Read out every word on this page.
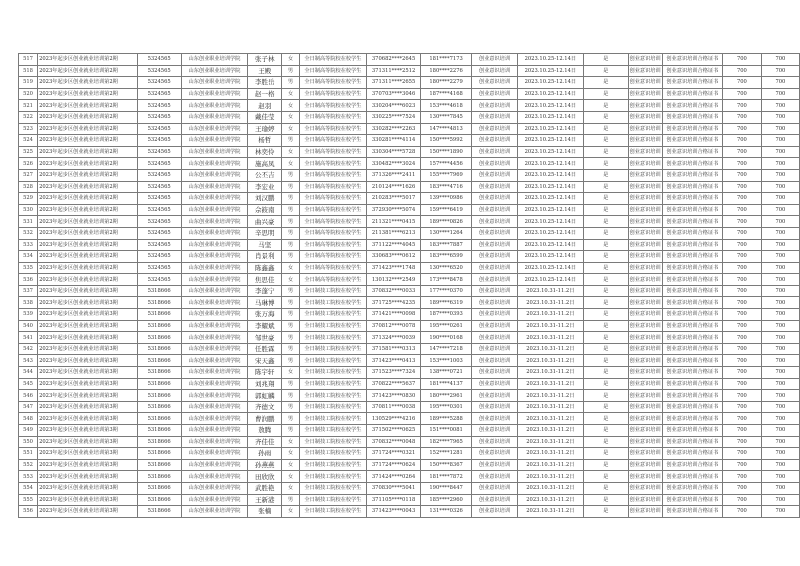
517	2023年起步区创业就业培训第2期	5324565	山东创业职业培训学院	张子林	女	全日制高等院校在校学生	370682****2645	181****7173	创业意识培训	2023.10.25-12.14日	是	创业意识培训	创业意识培训合格证书	700	700
518	2023年起步区创业就业培训第2期	5324565	山东创业职业培训学院	王殿	男	全日制高等院校在校学生	371311****2512	180****2276	创业意识培训	2023.10.25-12.14日	是	创业意识培训	创业意识培训合格证书	700	700
519	2023年起步区创业就业培训第2期	5324565	山东创业职业培训学院	李胜岳	男	全日制高等院校在校学生	371311****2655	180****2279	创业意识培训	2023.10.25-12.14日	是	创业意识培训	创业意识培训合格证书	700	700
520	2023年起步区创业就业培训第2期	5324565	山东创业职业培训学院	赵一格	女	全日制高等院校在校学生	370703****3046	187****4168	创业意识培训	2023.10.25-12.14日	是	创业意识培训	创业意识培训合格证书	700	700
521	2023年起步区创业就业培训第2期	5324565	山东创业职业培训学院	赵羽	女	全日制高等院校在校学生	330204****6023	153****4618	创业意识培训	2023.10.25-12.14日	是	创业意识培训	创业意识培训合格证书	700	700
522	2023年起步区创业就业培训第2期	5324565	山东创业职业培训学院	戴佳莹	女	全日制高等院校在校学生	330225****7524	130****7845	创业意识培训	2023.10.25-12.14日	是	创业意识培训	创业意识培训合格证书	700	700
523	2023年起步区创业就业培训第2期	5324565	山东创业职业培训学院	王瑜婷	女	全日制高等院校在校学生	330282****2263	147****4813	创业意识培训	2023.10.25-12.14日	是	创业意识培训	创业意识培训合格证书	700	700
524	2023年起步区创业就业培训第2期	5324565	山东创业职业培训学院	杨哲	男	全日制高等院校在校学生	330281****4114	150****5992	创业意识培训	2023.10.25-12.14日	是	创业意识培训	创业意识培训合格证书	700	700
525	2023年起步区创业就业培训第2期	5324565	山东创业职业培训学院	林奕伶	女	全日制高等院校在校学生	330304****5728	150****1890	创业意识培训	2023.10.25-12.14日	是	创业意识培训	创业意识培训合格证书	700	700
526	2023年起步区创业就业培训第2期	5324565	山东创业职业培训学院	施高凤	女	全日制高等院校在校学生	330482****3024	157****4456	创业意识培训	2023.10.25-12.14日	是	创业意识培训	创业意识培训合格证书	700	700
527	2023年起步区创业就业培训第2期	5324565	山东创业职业培训学院	公丕吉	男	全日制高等院校在校学生	371326****2411	155****7969	创业意识培训	2023.10.25-12.14日	是	创业意识培训	创业意识培训合格证书	700	700
528	2023年起步区创业就业培训第2期	5324565	山东创业职业培训学院	李宏业	男	全日制高等院校在校学生	210124****1626	183****4716	创业意识培训	2023.10.25-12.14日	是	创业意识培训	创业意识培训合格证书	700	700
529	2023年起步区创业就业培训第2期	5324565	山东创业职业培训学院	刘汉鹏	男	全日制高等院校在校学生	210283****5017	139****0986	创业意识培训	2023.10.25-12.14日	是	创业意识培训	创业意识培训合格证书	700	700
530	2023年起步区创业就业培训第2期	5324565	山东创业职业培训学院	佘筱南	男	全日制高等院校在校学生	372930****5074	159****6419	创业意识培训	2023.10.25-12.14日	是	创业意识培训	创业意识培训合格证书	700	700
531	2023年起步区创业就业培训第2期	5324565	山东创业职业培训学院	曲兴豪	男	全日制高等院校在校学生	211321****0415	189****0826	创业意识培训	2023.10.25-12.14日	是	创业意识培训	创业意识培训合格证书	700	700
532	2023年起步区创业就业培训第2期	5324565	山东创业职业培训学院	辛思明	男	全日制高等院校在校学生	211381****6213	130****1264	创业意识培训	2023.10.25-12.14日	是	创业意识培训	创业意识培训合格证书	700	700
533	2023年起步区创业就业培训第2期	5324565	山东创业职业培训学院	马坚	男	全日制高等院校在校学生	371122****4045	183****7887	创业意识培训	2023.10.25-12.14日	是	创业意识培训	创业意识培训合格证书	700	700
534	2023年起步区创业就业培训第2期	5324565	山东创业职业培训学院	肖景利	男	全日制高等院校在校学生	330683****0612	183****6599	创业意识培训	2023.10.25-12.14日	是	创业意识培训	创业意识培训合格证书	700	700
535	2023年起步区创业就业培训第2期	5324565	山东创业职业培训学院	陈鑫鑫	女	全日制高等院校在校学生	371423****1748	130****6520	创业意识培训	2023.10.25-12.14日	是	创业意识培训	创业意识培训合格证书	700	700
536	2023年起步区创业就业培训第2期	5324565	山东创业职业培训学院	焦思佳	女	全日制高等院校在校学生	130132****2549	173****8478	创业意识培训	2023.10.25-12.14日	是	创业意识培训	创业意识培训合格证书	700	700
537	2023年起步区创业就业培训第3期	5318666	山东创业职业培训学院	李蓬宁	男	全日制技工院校在校学生	370832****0033	177****0370	创业意识培训	2023.10.31-11.2日	是	创业意识培训	创业意识培训合格证书	700	700
538	2023年起步区创业就业培训第3期	5318666	山东创业职业培训学院	马琳博	男	全日制技工院校在校学生	371725****4235	189****6319	创业意识培训	2023.10.31-11.2日	是	创业意识培训	创业意识培训合格证书	700	700
539	2023年起步区创业就业培训第3期	5318666	山东创业职业培训学院	张万海	男	全日制技工院校在校学生	371421****0098	187****0393	创业意识培训	2023.10.31-11.2日	是	创业意识培训	创业意识培训合格证书	700	700
540	2023年起步区创业就业培训第3期	5318666	山东创业职业培训学院	李耀斌	男	全日制技工院校在校学生	370812****0078	195****0261	创业意识培训	2023.10.31-11.2日	是	创业意识培训	创业意识培训合格证书	700	700
541	2023年起步区创业就业培训第3期	5318666	山东创业职业培训学院	邹世豪	男	全日制技工院校在校学生	371324****0039	190****0168	创业意识培训	2023.10.31-11.2日	是	创业意识培训	创业意识培训合格证书	700	700
542	2023年起步区创业就业培训第3期	5318666	山东创业职业培训学院	任胜霖	男	全日制技工院校在校学生	371581****0313	147****7218	创业意识培训	2023.10.31-11.2日	是	创业意识培训	创业意识培训合格证书	700	700
543	2023年起步区创业就业培训第3期	5318666	山东创业职业培训学院	宋天鑫	男	全日制技工院校在校学生	371423****0413	153****1003	创业意识培训	2023.10.31-11.2日	是	创业意识培训	创业意识培训合格证书	700	700
544	2023年起步区创业就业培训第3期	5318666	山东创业职业培训学院	陈宇轩	女	全日制技工院校在校学生	371523****7324	138****0721	创业意识培训	2023.10.31-11.2日	是	创业意识培训	创业意识培训合格证书	700	700
545	2023年起步区创业就业培训第3期	5318666	山东创业职业培训学院	刘兆翔	男	全日制技工院校在校学生	370822****5637	181****4137	创业意识培训	2023.10.31-11.2日	是	创业意识培训	创业意识培训合格证书	700	700
546	2023年起步区创业就业培训第3期	5318666	山东创业职业培训学院	郭虹麟	男	全日制技工院校在校学生	371423****0830	180****2961	创业意识培训	2023.10.31-11.2日	是	创业意识培训	创业意识培训合格证书	700	700
547	2023年起步区创业就业培训第3期	5318666	山东创业职业培训学院	齐德文	男	全日制技工院校在校学生	370811****0038	195****0301	创业意识培训	2023.10.31-11.2日	是	创业意识培训	创业意识培训合格证书	700	700
548	2023年起步区创业就业培训第3期	5318666	山东创业职业培训学院	曹润鹏	男	全日制技工院校在校学生	130529****4216	189****5288	创业意识培训	2023.10.31-11.2日	是	创业意识培训	创业意识培训合格证书	700	700
549	2023年起步区创业就业培训第3期	5318666	山东创业职业培训学院	敖腾	男	全日制技工院校在校学生	371502****0625	151****0081	创业意识培训	2023.10.31-11.2日	是	创业意识培训	创业意识培训合格证书	700	700
550	2023年起步区创业就业培训第3期	5318666	山东创业职业培训学院	齐佳佳	女	全日制技工院校在校学生	370832****0048	182****7965	创业意识培训	2023.10.31-11.2日	是	创业意识培训	创业意识培训合格证书	700	700
551	2023年起步区创业就业培训第3期	5318666	山东创业职业培训学院	孙雨	女	全日制技工院校在校学生	371724****0321	152****1281	创业意识培训	2023.10.31-11.2日	是	创业意识培训	创业意识培训合格证书	700	700
552	2023年起步区创业就业培训第3期	5318666	山东创业职业培训学院	孙燕燕	女	全日制技工院校在校学生	371724****0624	150****8367	创业意识培训	2023.10.31-11.2日	是	创业意识培训	创业意识培训合格证书	700	700
553	2023年起步区创业就业培训第3期	5318666	山东创业职业培训学院	田欣欣	女	全日制技工院校在校学生	371424****0264	181****7872	创业意识培训	2023.10.31-11.2日	是	创业意识培训	创业意识培训合格证书	700	700
554	2023年起步区创业就业培训第3期	5318666	山东创业职业培训学院	武胜艳	女	全日制技工院校在校学生	370830****5041	190****8447	创业意识培训	2023.10.31-11.2日	是	创业意识培训	创业意识培训合格证书	700	700
555	2023年起步区创业就业培训第3期	5318666	山东创业职业培训学院	王新港	男	全日制技工院校在校学生	371105****0118	185****2960	创业意识培训	2023.10.31-11.2日	是	创业意识培训	创业意识培训合格证书	700	700
556	2023年起步区创业就业培训第3期	5318666	山东创业职业培训学院	张楠	女	全日制技工院校在校学生	371423****0043	131****0326	创业意识培训	2023.10.31-11.2日	是	创业意识培训	创业意识培训合格证书	700	700
